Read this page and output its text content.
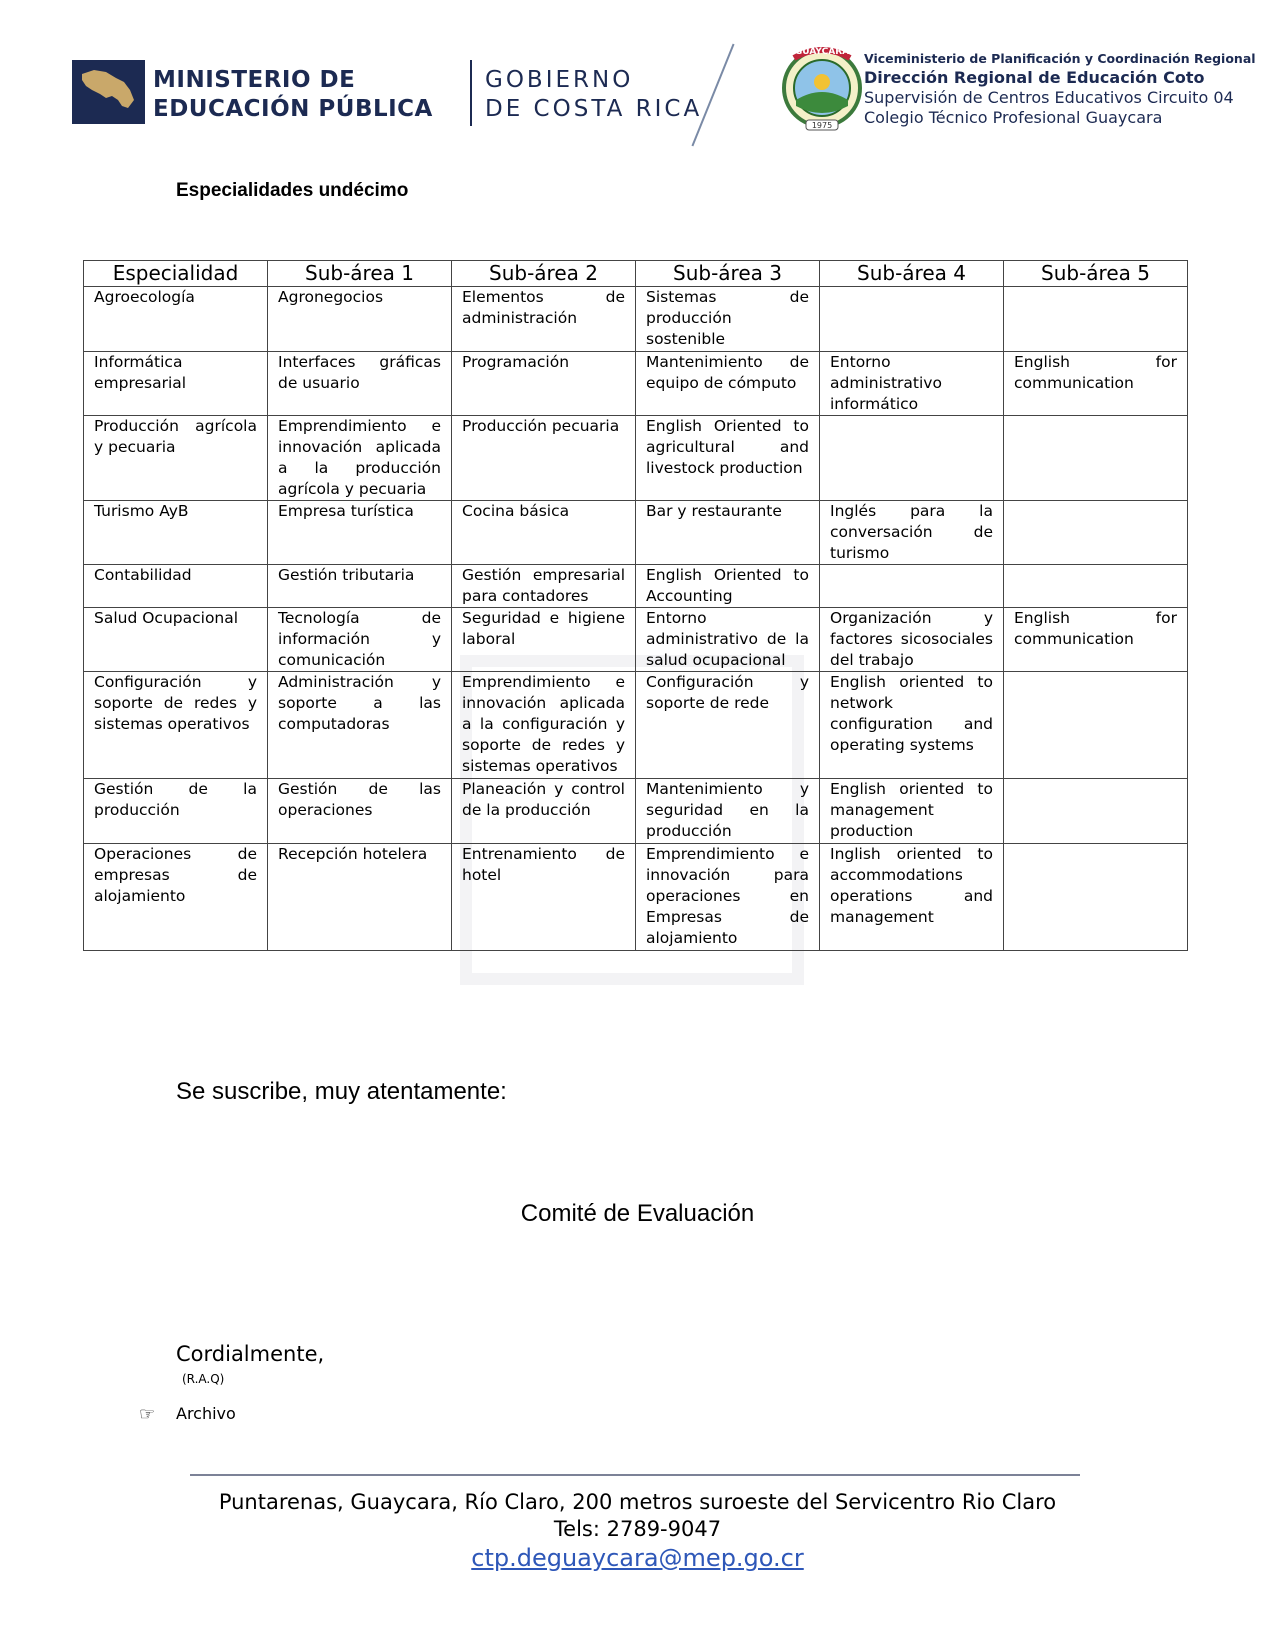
MINISTERIO DE
EDUCACIÓN PÚBLICA
GOBIERNO
DE COSTA RICA
GUAYCARA
1975
Viceministerio de Planificación y Coordinación Regional
Dirección Regional de Educación Coto
Supervisión de Centros Educativos Circuito 04
Colegio Técnico Profesional Guaycara
Especialidades undécimo
Especialidad	Sub-área 1	Sub-área 2	Sub-área 3	Sub-área 4	Sub-área 5
Agroecología	Agronegocios	Elementos de administración	Sistemas de producción sostenible		
Informática empresarial	Interfaces gráficas de usuario	Programación	Mantenimiento de equipo de cómputo	Entorno administrativo informático	English for communication
Producción agrícola y pecuaria	Emprendimiento e innovación aplicada a la producción agrícola y pecuaria	Producción pecuaria	English Oriented to agricultural and livestock production		
Turismo AyB	Empresa turística	Cocina básica	Bar y restaurante	Inglés para la conversación de turismo	
Contabilidad	Gestión tributaria	Gestión empresarial para contadores	English Oriented to Accounting		
Salud Ocupacional	Tecnología de información y comunicación	Seguridad e higiene laboral	Entorno administrativo de la salud ocupacional	Organización y factores sicosociales del trabajo	English for communication
Configuración y soporte de redes y sistemas operativos	Administración y soporte a las computadoras	Emprendimiento e innovación aplicada a la configuración y soporte de redes y sistemas operativos	Configuración y soporte de rede	English oriented to network configuration and operating systems	
Gestión de la producción	Gestión de las operaciones	Planeación y control de la producción	Mantenimiento y seguridad en la producción	English oriented to management production	
Operaciones de empresas de alojamiento	Recepción hotelera	Entrenamiento de hotel	Emprendimiento e innovación para operaciones en Empresas de alojamiento	Inglish oriented to accommodations operations and management	
Se suscribe, muy atentamente:
Comité de Evaluación
Cordialmente,
(R.A.Q)
☞ Archivo
Puntarenas, Guaycara, Río Claro, 200 metros suroeste del Servicentro Rio Claro
Tels: 2789-9047
ctp.deguaycara@mep.go.cr
